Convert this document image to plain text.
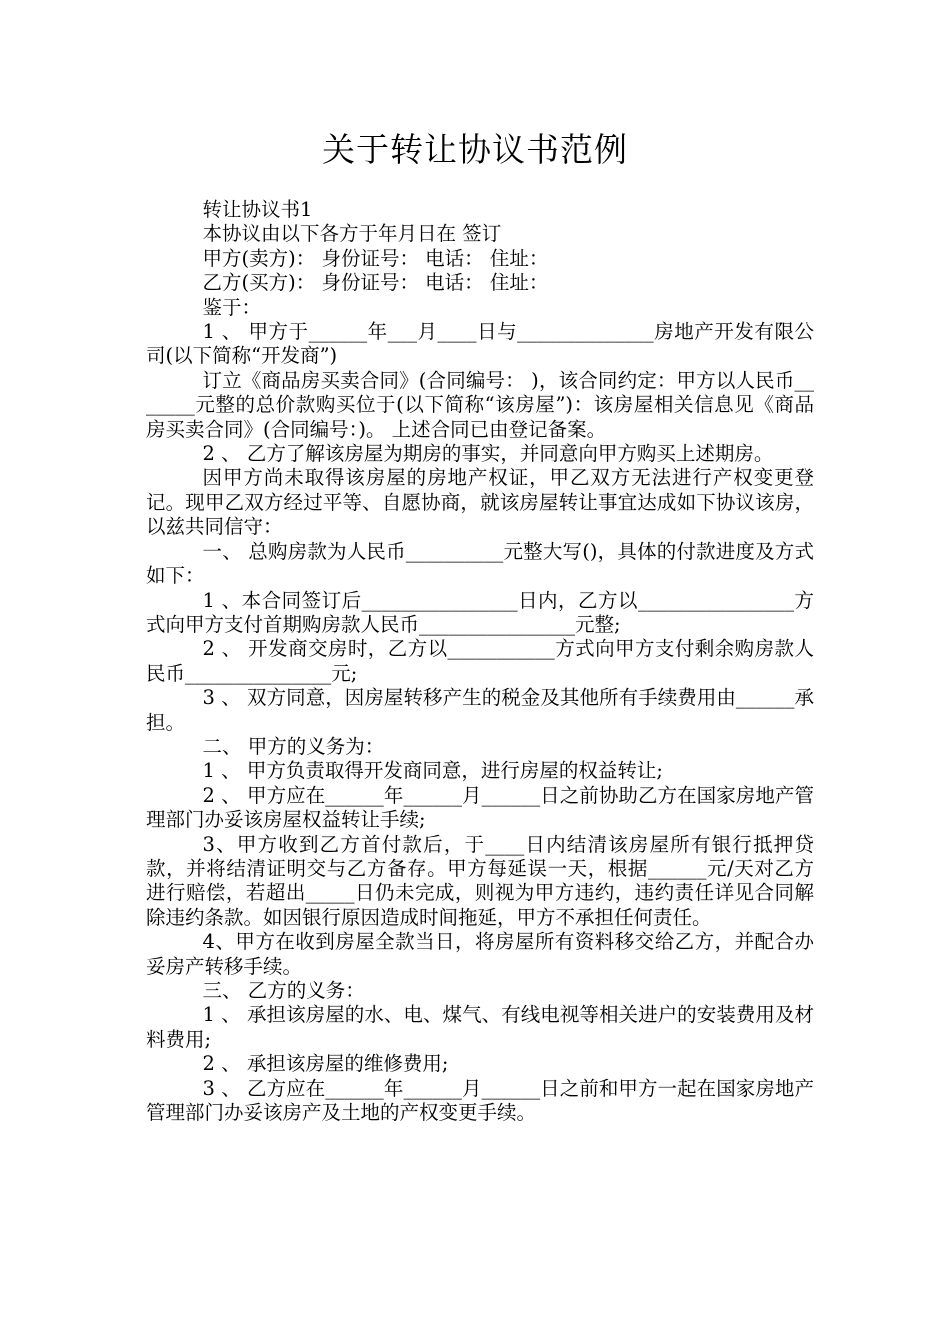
关于转让协议书范例

转让协议书1

本协议由以下各方于年月日在 签订

甲方(卖方)： 身份证号： 电话： 住址：

乙方(买方)： 身份证号： 电话： 住址：

鉴于：

1 、 甲方于______年___月____日与______________房地产开发有限公司(以下简称“开发商”)

订立《商品房买卖合同》(合同编号： )，该合同约定：甲方以人民币_______元整的总价款购买位于(以下简称“该房屋”)：该房屋相关信息见《商品房买卖合同》(合同编号：)。 上述合同已由登记备案。

2 、 乙方了解该房屋为期房的事实，并同意向甲方购买上述期房。

因甲方尚未取得该房屋的房地产权证，甲乙双方无法进行产权变更登记。现甲乙双方经过平等、自愿协商，就该房屋转让事宜达成如下协议该房，以兹共同信守：

一、 总购房款为人民币__________元整大写()，具体的付款进度及方式如下：

1 、本合同签订后________________日内，乙方以________________方式向甲方支付首期购房款人民币________________元整;

2 、 开发商交房时，乙方以___________方式向甲方支付剩余购房款人民币_______________元;

3 、 双方同意，因房屋转移产生的税金及其他所有手续费用由______承担。

二、 甲方的义务为：

1 、 甲方负责取得开发商同意，进行房屋的权益转让;

2 、 甲方应在______年______月______日之前协助乙方在国家房地产管理部门办妥该房屋权益转让手续;

3、甲方收到乙方首付款后，于____日内结清该房屋所有银行抵押贷款，并将结清证明交与乙方备存。甲方每延误一天，根据______元/天对乙方进行赔偿，若超出_____日仍未完成，则视为甲方违约，违约责任详见合同解除违约条款。如因银行原因造成时间拖延，甲方不承担任何责任。

4、甲方在收到房屋全款当日，将房屋所有资料移交给乙方，并配合办妥房产转移手续。

三、 乙方的义务：

1 、 承担该房屋的水、电、煤气、有线电视等相关进户的安装费用及材料费用;

2 、 承担该房屋的维修费用;

3 、 乙方应在______年______月______日之前和甲方一起在国家房地产管理部门办妥该房产及土地的产权变更手续。
